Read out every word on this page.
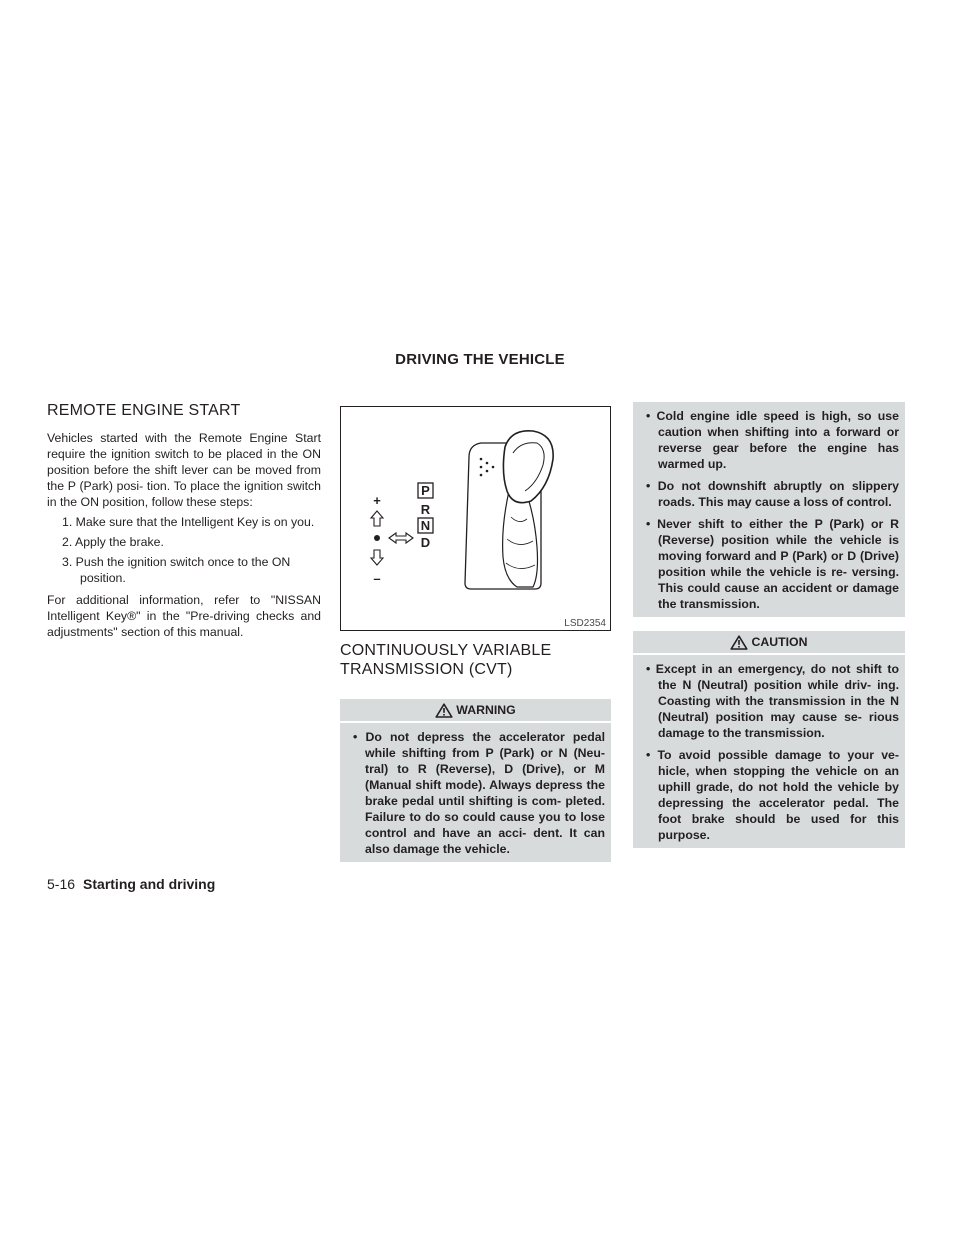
DRIVING THE VEHICLE
REMOTE ENGINE START

Vehicles started with the Remote Engine Start require the ignition switch to be placed in the ON position before the shift lever can be moved from the P (Park) posi- tion. To place the ignition switch in the ON position, follow these steps:

1. Make sure that the Intelligent Key is on you.
2. Apply the brake.
3. Push the ignition switch once to the ON position.

For additional information, refer to "NISSAN Intelligent Key®" in the "Pre-driving checks and adjustments" section of this manual.

P
R
N
D
+
–
LSD2354
CONTINUOUSLY VARIABLE
TRANSMISSION (CVT)
WARNING
• Do not depress the accelerator pedal while shifting from P (Park) or N (Neu- tral) to R (Reverse), D (Drive), or M (Manual shift mode). Always depress the brake pedal until shifting is com- pleted. Failure to do so could cause you to lose control and have an acci- dent. It can also damage the vehicle.
• Cold engine idle speed is high, so use caution when shifting into a forward or reverse gear before the engine has warmed up.
• Do not downshift abruptly on slippery roads. This may cause a loss of control.
• Never shift to either the P (Park) or R (Reverse) position while the vehicle is moving forward and P (Park) or D (Drive) position while the vehicle is re- versing. This could cause an accident or damage the transmission.
CAUTION
• Except in an emergency, do not shift to the N (Neutral) position while driv- ing. Coasting with the transmission in the N (Neutral) position may cause se- rious damage to the transmission.
• To avoid possible damage to your ve- hicle, when stopping the vehicle on an uphill grade, do not hold the vehicle by depressing the accelerator pedal. The foot brake should be used for this purpose.
5-16 Starting and driving
